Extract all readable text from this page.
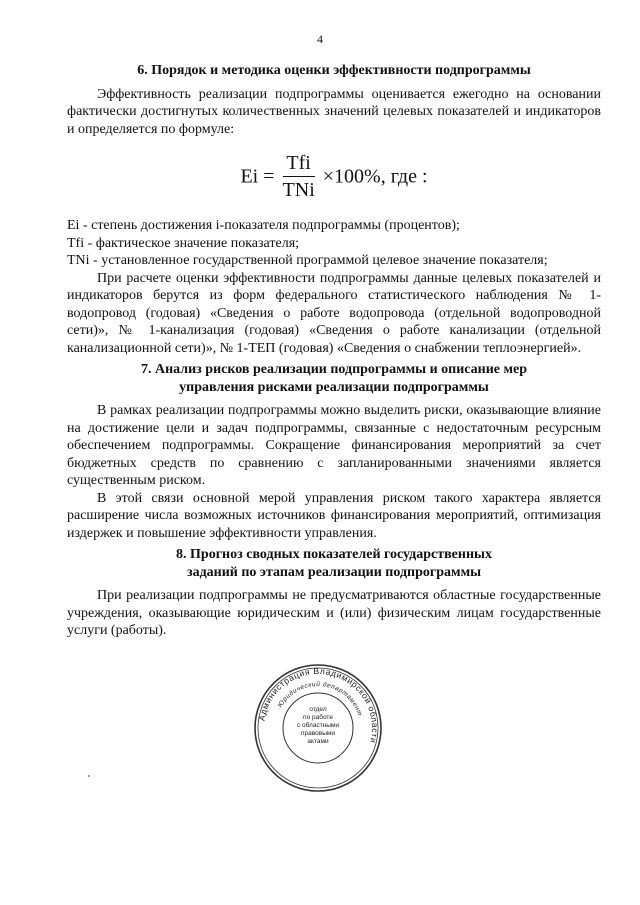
4
6. Порядок и методика оценки эффективности подпрограммы

Эффективность реализации подпрограммы оценивается ежегодно на основании фактически достигнутых количественных значений целевых показателей и индикаторов и определяется по формуле:

$Ei = \frac{\text{Tfi}}{\text{TNi}} \times 100\%$, где :

Ei - степень достижения i-показателя подпрограммы (процентов);

Tfi - фактическое значение показателя;

TNi - установленное государственной программой целевое значение показателя;

При расчете оценки эффективности подпрограммы данные целевых показателей и индикаторов берутся из форм федерального статистического наблюдения № 1-водопровод (годовая) «Сведения о работе водопровода (отдельной водопроводной сети)», № 1-канализация (годовая) «Сведения о работе канализации (отдельной канализационной сети)», № 1-ТЕП (годовая) «Сведения о снабжении теплоэнергией».

7. Анализ рисков реализации подпрограммы и описание мер
управления рисками реализации подпрограммы

В рамках реализации подпрограммы можно выделить риски, оказывающие влияние на достижение цели и задач подпрограммы, связанные с недостаточным ресурсным обеспечением подпрограммы. Сокращение финансирования мероприятий за счет бюджетных средств по сравнению с запланированными значениями является существенным риском.

В этой связи основной мерой управления риском такого характера является расширение числа возможных источников финансирования мероприятий, оптимизация издержек и повышение эффективности управления.

8. Прогноз сводных показателей государственных
заданий по этапам реализации подпрограммы

При реализации подпрограммы не предусматриваются областные государственные учреждения, оказывающие юридическим и (или) физическим лицам государственные услуги (работы).

Администрация Владимирской области
Юридический департамент
отдел
по работе
с областными
правовыми
актами
